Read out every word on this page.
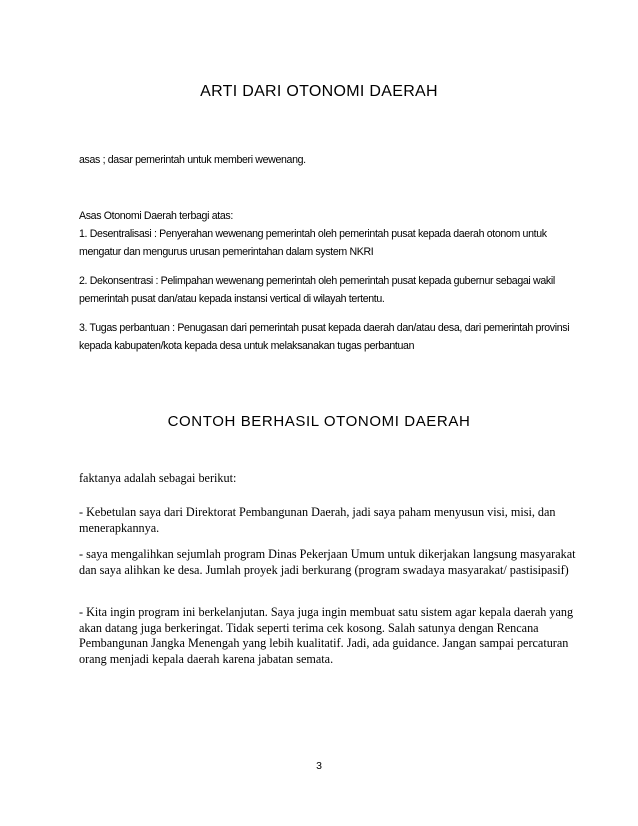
ARTI DARI OTONOMI DAERAH

asas ; dasar pemerintah untuk memberi wewenang.

Asas Otonomi Daerah terbagi atas:

1. Desentralisasi : Penyerahan wewenang pemerintah oleh pemerintah pusat kepada daerah otonom untuk mengatur dan mengurus urusan pemerintahan dalam system NKRI

2. Dekonsentrasi : Pelimpahan wewenang pemerintah oleh pemerintah pusat kepada gubernur sebagai wakil pemerintah pusat dan/atau kepada instansi vertical di wilayah tertentu.

3. Tugas perbantuan : Penugasan dari pemerintah pusat kepada daerah dan/atau desa, dari pemerintah provinsi kepada kabupaten/kota kepada desa untuk melaksanakan tugas perbantuan

CONTOH BERHASIL OTONOMI DAERAH

faktanya adalah sebagai berikut:

- Kebetulan saya dari Direktorat Pembangunan Daerah, jadi saya paham menyusun visi, misi, dan menerapkannya.

- saya mengalihkan sejumlah program Dinas Pekerjaan Umum untuk dikerjakan langsung masyarakat dan saya alihkan ke desa. Jumlah proyek jadi berkurang (program swadaya masyarakat/ pastisipasif)

- Kita ingin program ini berkelanjutan. Saya juga ingin membuat satu sistem agar kepala daerah yang akan datang juga berkeringat. Tidak seperti terima cek kosong. Salah satunya dengan Rencana Pembangunan Jangka Menengah yang lebih kualitatif. Jadi, ada guidance. Jangan sampai percaturan orang menjadi kepala daerah karena jabatan semata.

3
